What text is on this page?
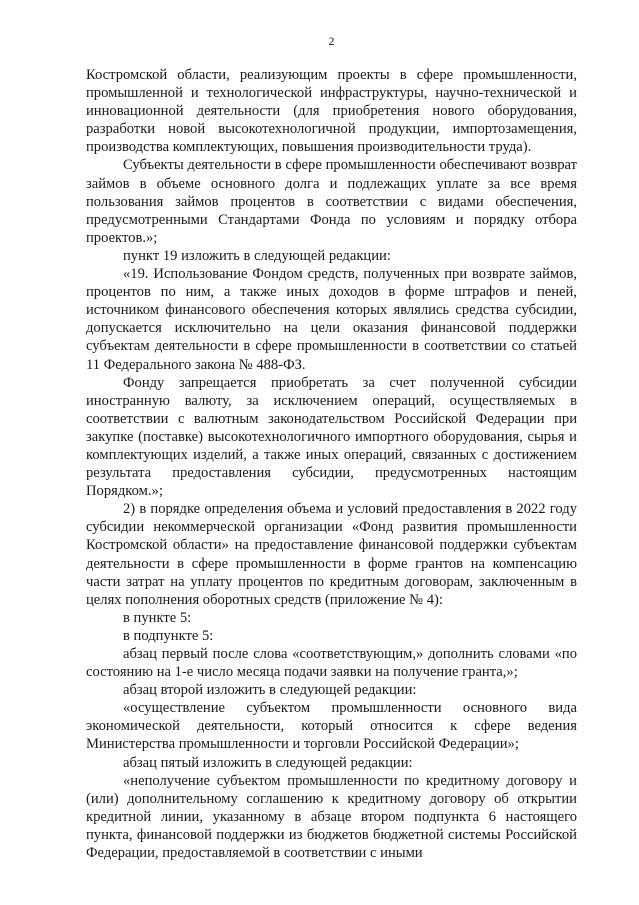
2

Костромской области, реализующим проекты в сфере промышленности, промышленной и технологической инфраструктуры, научно-технической и инновационной деятельности (для приобретения нового оборудования, разработки новой высокотехнологичной продукции, импортозамещения, производства комплектующих, повышения производительности труда).

Субъекты деятельности в сфере промышленности обеспечивают возврат займов в объеме основного долга и подлежащих уплате за все время пользования займов процентов в соответствии с видами обеспечения, предусмотренными Стандартами Фонда по условиям и порядку отбора проектов.»;

пункт 19 изложить в следующей редакции:

«19. Использование Фондом средств, полученных при возврате займов, процентов по ним, а также иных доходов в форме штрафов и пеней, источником финансового обеспечения которых являлись средства субсидии, допускается исключительно на цели оказания финансовой поддержки субъектам деятельности в сфере промышленности в соответствии со статьей 11 Федерального закона № 488-ФЗ.

Фонду запрещается приобретать за счет полученной субсидии иностранную валюту, за исключением операций, осуществляемых в соответствии с валютным законодательством Российской Федерации при закупке (поставке) высокотехнологичного импортного оборудования, сырья и комплектующих изделий, а также иных операций, связанных с достижением результата предоставления субсидии, предусмотренных настоящим Порядком.»;

2) в порядке определения объема и условий предоставления в 2022 году субсидии некоммерческой организации «Фонд развития промышленности Костромской области» на предоставление финансовой поддержки субъектам деятельности в сфере промышленности в форме грантов на компенсацию части затрат на уплату процентов по кредитным договорам, заключенным в целях пополнения оборотных средств (приложение № 4):

в пункте 5:

в подпункте 5:

абзац первый после слова «соответствующим,» дополнить словами «по состоянию на 1-е число месяца подачи заявки на получение гранта,»;

абзац второй изложить в следующей редакции:

«осуществление субъектом промышленности основного вида экономической деятельности, который относится к сфере ведения Министерства промышленности и торговли Российской Федерации»;

абзац пятый изложить в следующей редакции:

«неполучение субъектом промышленности по кредитному договору и (или) дополнительному соглашению к кредитному договору об открытии кредитной линии, указанному в абзаце втором подпункта 6 настоящего пункта, финансовой поддержки из бюджетов бюджетной системы Российской Федерации, предоставляемой в соответствии с иными
